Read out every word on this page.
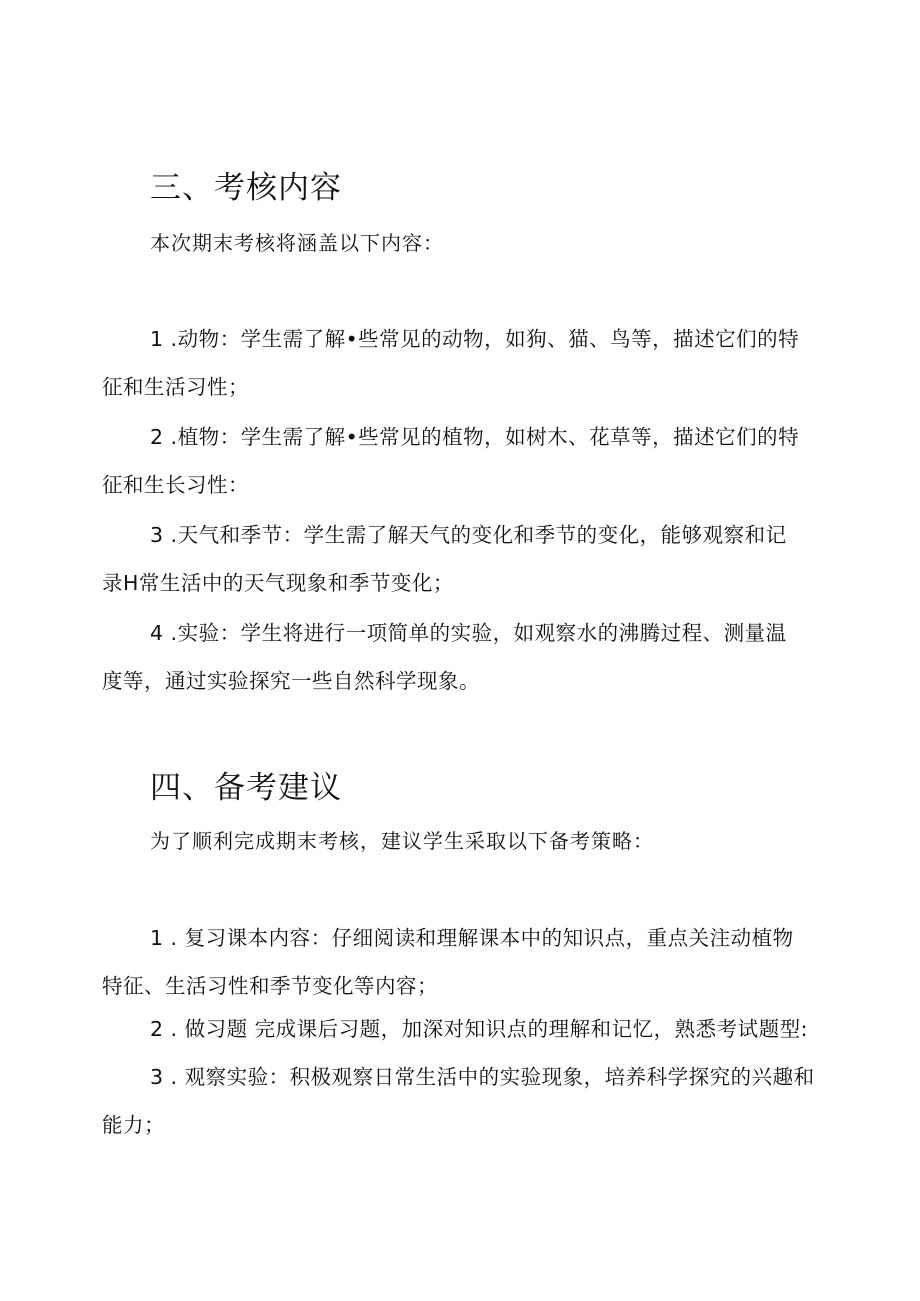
三、考核内容
本次期末考核将涵盖以下内容：
1 .动物：学生需了解•些常见的动物，如狗、猫、鸟等，描述它们的特
征和生活习性；
2 .植物：学生需了解•些常见的植物，如树木、花草等，描述它们的特
征和生长习性：
3 .天气和季节：学生需了解天气的变化和季节的变化，能够观察和记
录H常生活中的天气现象和季节变化；
4 .实验：学生将进行一项简单的实验，如观察水的沸腾过程、测量温
度等，通过实验探究一些自然科学现象。
四、备考建议
为了顺利完成期末考核，建议学生采取以下备考策略：
1 . 复习课本内容：仔细阅读和理解课本中的知识点，重点关注动植物
特征、生活习性和季节变化等内容；
2 . 做习题 完成课后习题，加深对知识点的理解和记忆，熟悉考试题型:
3 . 观察实验：积极观察日常生活中的实验现象，培养科学探究的兴趣和
能力；
